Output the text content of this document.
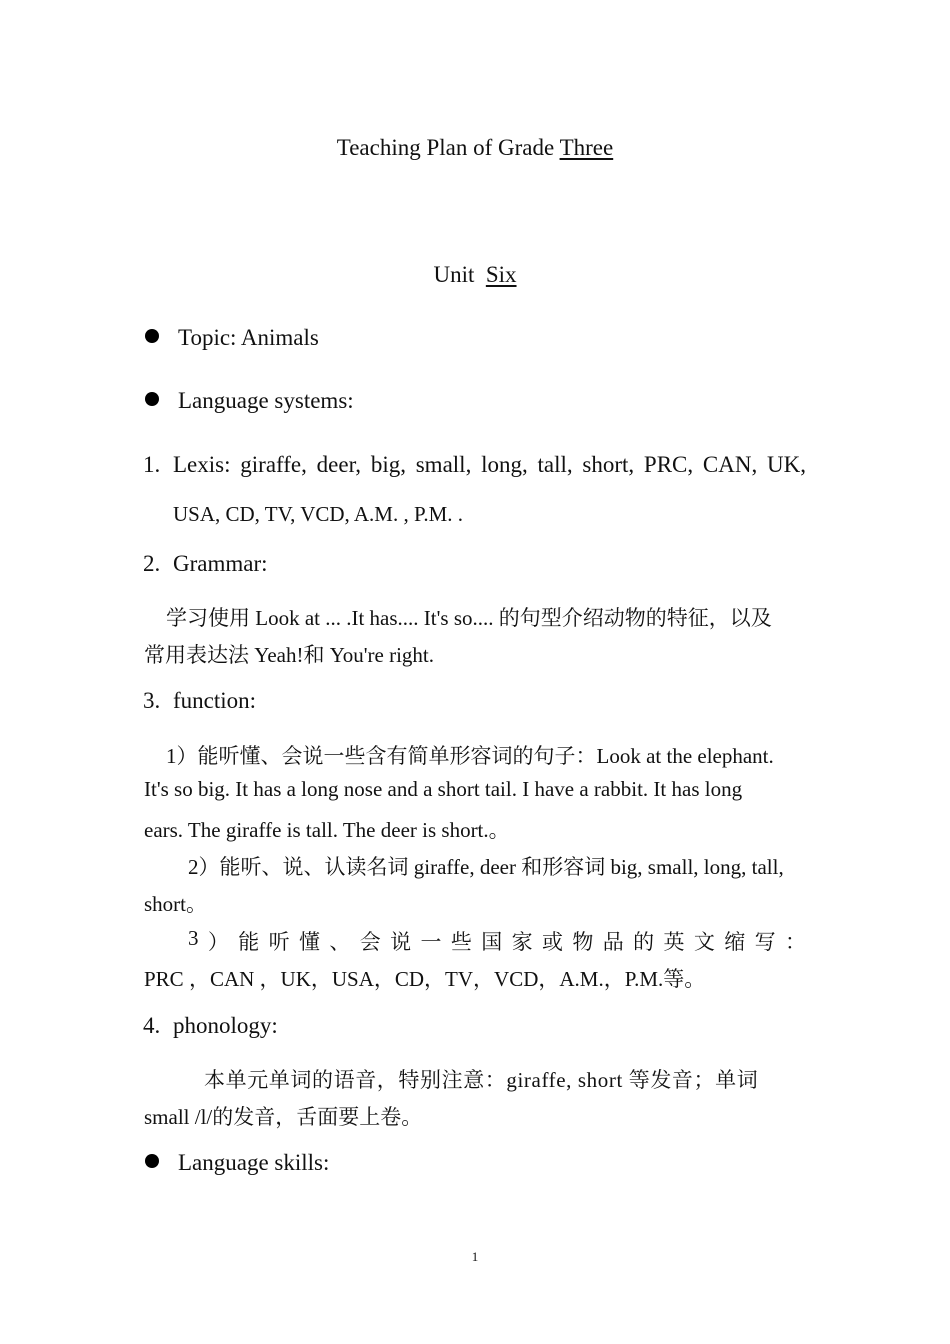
Teaching Plan of Grade Three
Unit Six
Topic: Animals
Language systems:
1. Lexis: giraffe, deer, big, small, long, tall, short, PRC, CAN, UK,
USA, CD, TV, VCD, A.M. , P.M. .
2. Grammar:
学习使用 Look at ... .It has.... It's so.... 的句型介绍动物的特征，以及
常用表达法 Yeah!和 You're right.
3. function:
1）能听懂、会说一些含有简单形容词的句子：Look at the elephant.
It's so big. It has a long nose and a short tail. I have a rabbit. It has long
ears. The giraffe is tall. The deer is short.。
2）能听、说、认读名词 giraffe, deer 和形容词 big, small, long, tall,
short。
3 ） 能 听 懂 、 会 说 一 些 国 家 或 物 品 的 英 文 缩 写 ：
PRC ，CAN ，UK，USA，CD，TV，VCD，A.M.，P.M.等。
4. phonology:
本单元单词的语音，特别注意：giraffe, short 等发音；单词
small /l/的发音，舌面要上卷。
Language skills:
1
